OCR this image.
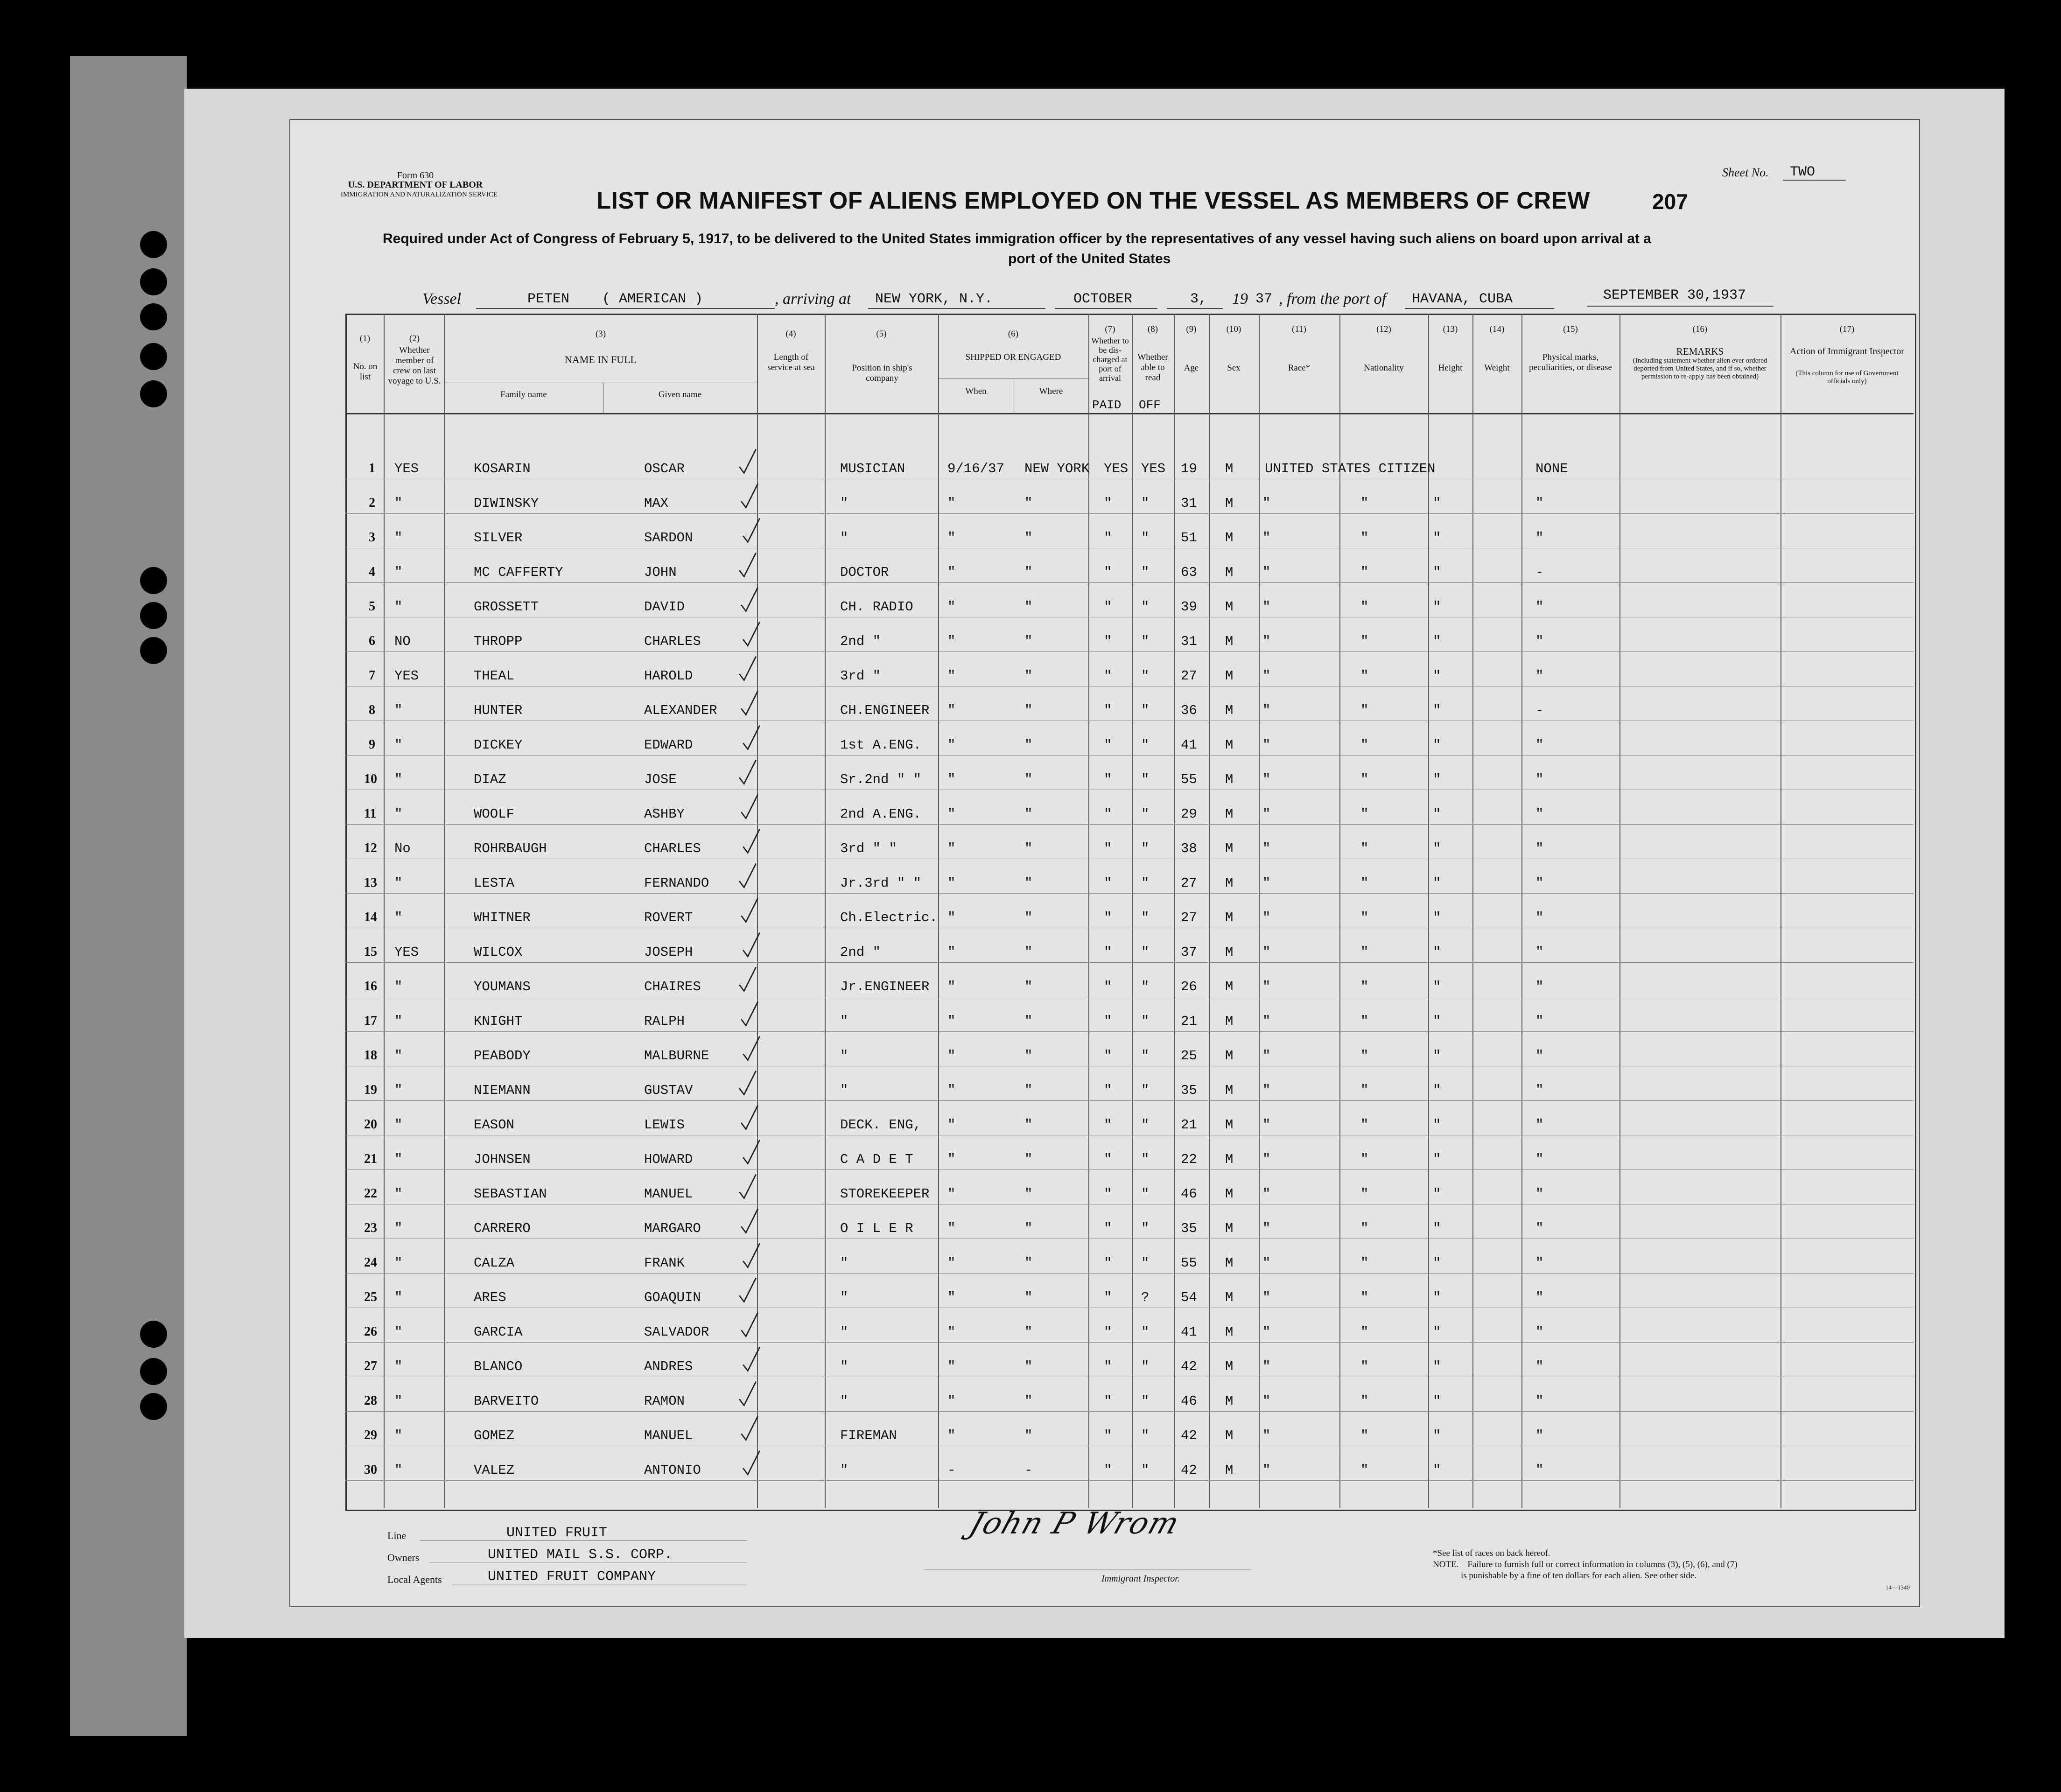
Form 630
U.S. DEPARTMENT OF LABOR
IMMIGRATION AND NATURALIZATION SERVICE
Sheet No. TWO
LIST OR MANIFEST OF ALIENS EMPLOYED ON THE VESSEL AS MEMBERS OF CREW	207
Required under Act of Congress of February 5, 1917, to be delivered to the United States immigration officer by the representatives of any vessel having such aliens on board upon arrival at a
port of the United States
Vessel	PETEN ( AMERICAN )	, arriving at NEW YORK, N.Y.	OCTOBER	3, 19 37 , from the port of HAVANA, CUBA	SEPTEMBER 30,1937
(1)
No. on list
(2)
Whether member of crew on last voyage to U.S.
(3)
NAME IN FULL
Family name	Given name
(4)
Length of service at sea
(5)
Position in ship's company
(6)
SHIPPED OR ENGAGED
When	Where
(7)
Whether to be dis-charged at port of arrival
(8)
Whether able to read
PAID OFF
(9)
Age
(10)
Sex
(11)
Race*
(12)
Nationality
(13)
Height
(14)
Weight
(15)
Physical marks, peculiarities, or disease
(16)
REMARKS
(Including statement whether alien ever ordered deported from United States, and if so, whether permission to re-apply has been obtained)
(17)
Action of Immigrant Inspector
(This column for use of Government officials only)
1 YES	KOSARIN	OSCAR	MUSICIAN	9/16/37 NEW YORK YES YES 19 M UNITED STATES CITIZEN	NONE
2 "	DIWINSKY	MAX	"	"	"	" " 31 M "	"	"	"
3 "	SILVER	SARDON	"	"	"	" " 51 M "	"	"	"
4 "	MC CAFFERTY	JOHN	DOCTOR	"	"	" " 63 M "	"	"	-
5 "	GROSSETT	DAVID	CH. RADIO	"	"	" " 39 M "	"	"	"
6 NO	THROPP	CHARLES	2nd "	"	"	" " 31 M "	"	"	"
7 YES	THEAL	HAROLD	3rd "	"	"	" " 27 M "	"	"	"
8 "	HUNTER	ALEXANDER	CH.ENGINEER "	"	" " 36 M "	"	"	-
9 "	DICKEY	EDWARD	1st A.ENG. "	"	" " 41 M "	"	"	"
10 "	DIAZ	JOSE	Sr.2nd " " "	"	" " 55 M "	"	"	"
11 "	WOOLF	ASHBY	2nd A.ENG. "	"	" " 29 M "	"	"	"
12 No	ROHRBAUGH	CHARLES	3rd " "	"	"	" " 38 M "	"	"	"
13 "	LESTA	FERNANDO	Jr.3rd " " "	"	" " 27 M "	"	"	"
14 "	WHITNER	ROVERT	Ch.Electric. "	"	" " 27 M "	"	"	"
15 YES	WILCOX	JOSEPH	2nd "	"	"	" " 37 M "	"	"	"
16 "	YOUMANS	CHAIRES	Jr.ENGINEER "	"	" " 26 M "	"	"	"
17 "	KNIGHT	RALPH	"	"	"	" " 21 M "	"	"	"
18 "	PEABODY	MALBURNE	"	"	"	" " 25 M "	"	"	"
19 "	NIEMANN	GUSTAV	"	"	"	" " 35 M "	"	"	"
20 "	EASON	LEWIS	DECK. ENG, "	"	" " 21 M "	"	"	"
21 "	JOHNSEN	HOWARD	C A D E T	"	"	" " 22 M "	"	"	"
22 "	SEBASTIAN	MANUEL	STOREKEEPER "	"	" " 46 M "	"	"	"
23 "	CARRERO	MARGARO	O I L E R	"	"	" " 35 M "	"	"	"
24 "	CALZA	FRANK	"	"	"	" " 55 M "	"	"	"
25 "	ARES	GOAQUIN	"	"	"	" ? 54 M "	"	"	"
26 "	GARCIA	SALVADOR	"	"	"	" " 41 M "	"	"	"
27 "	BLANCO	ANDRES	"	"	"	" " 42 M "	"	"	"
28 "	BARVEITO	RAMON	"	"	"	" " 46 M "	"	"	"
29 "	GOMEZ	MANUEL	FIREMAN	"	"	" " 42 M "	"	"	"
30 "	VALEZ	ANTONIO	"	-	-	" " 42 M "	"	"	"
Line	UNITED FRUIT
Owners	UNITED MAIL S.S. CORP.
Local Agents	UNITED FRUIT COMPANY
John P Wrom
Immigrant Inspector.
*See list of races on back hereof.
NOTE.—Failure to furnish full or correct information in columns (3), (5), (6), and (7)
is punishable by a fine of ten dollars for each alien. See other side.
14—1340
